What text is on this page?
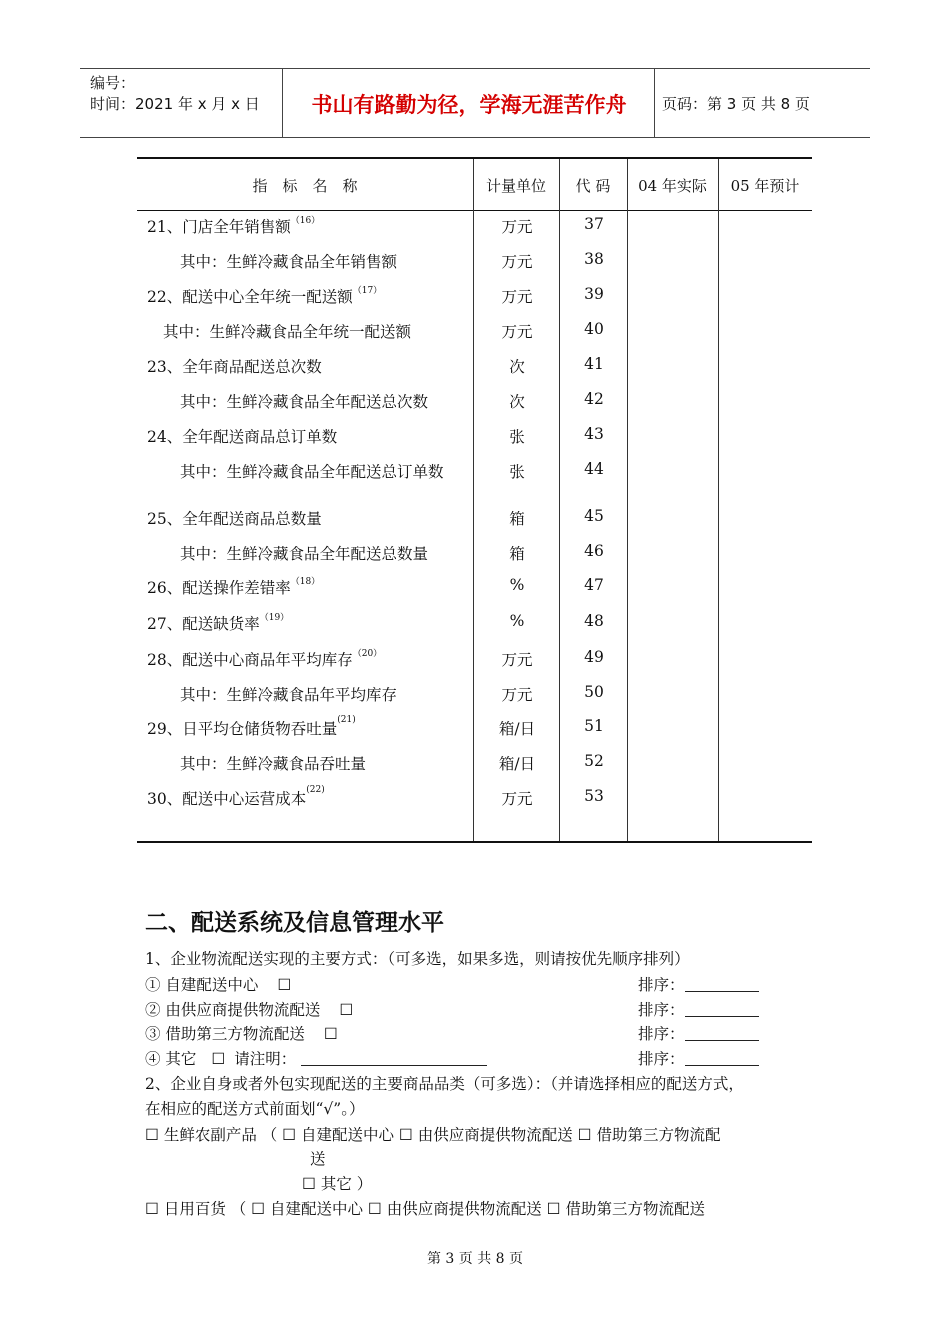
编号：
时间：2021 年 x 月 x 日	书山有路勤为径，学海无涯苦作舟	页码：第 3 页 共 8 页
指　标　名　称	计量单位	代 码	04 年实际	05 年预计
21、门店全年销售额$^{(16)}$	万元	37
其中：生鲜冷藏食品全年销售额	万元	38
22、配送中心全年统一配送额$^{(17)}$	万元	39
其中：生鲜冷藏食品全年统一配送额	万元	40
23、全年商品配送总次数	次	41
其中：生鲜冷藏食品全年配送总次数	次	42
24、全年配送商品总订单数	张	43
其中：生鲜冷藏食品全年配送总订单数	张	44
25、全年配送商品总数量	箱	45
其中：生鲜冷藏食品全年配送总数量	箱	46
26、配送操作差错率$^{(18)}$	%	47
27、配送缺货率$^{(19)}$	%	48
28、配送中心商品年平均库存$^{(20)}$	万元	49
其中：生鲜冷藏食品年平均库存	万元	50
29、日平均仓储货物吞吐量$^{(21)}$	箱/日	51
其中：生鲜冷藏食品吞吐量	箱/日	52
30、配送中心运营成本$^{(22)}$	万元	53
二、配送系统及信息管理水平
1、企业物流配送实现的主要方式：（可多选，如果多选，则请按优先顺序排列）
① 自建配送中心 ☐
② 由供应商提供物流配送 ☐
③ 借助第三方物流配送 ☐
④ 其它 ☐ 请注明：
排序：
排序：
排序：
排序：
2、企业自身或者外包实现配送的主要商品品类（可多选）：（并请选择相应的配送方式，
在相应的配送方式前面划“√”。）
☐ 生鲜农副产品 （ ☐ 自建配送中心 ☐ 由供应商提供物流配送 ☐ 借助第三方物流配
送
☐ 其它 ）
☐ 日用百货 （ ☐ 自建配送中心 ☐ 由供应商提供物流配送 ☐ 借助第三方物流配送
第 3 页 共 8 页
